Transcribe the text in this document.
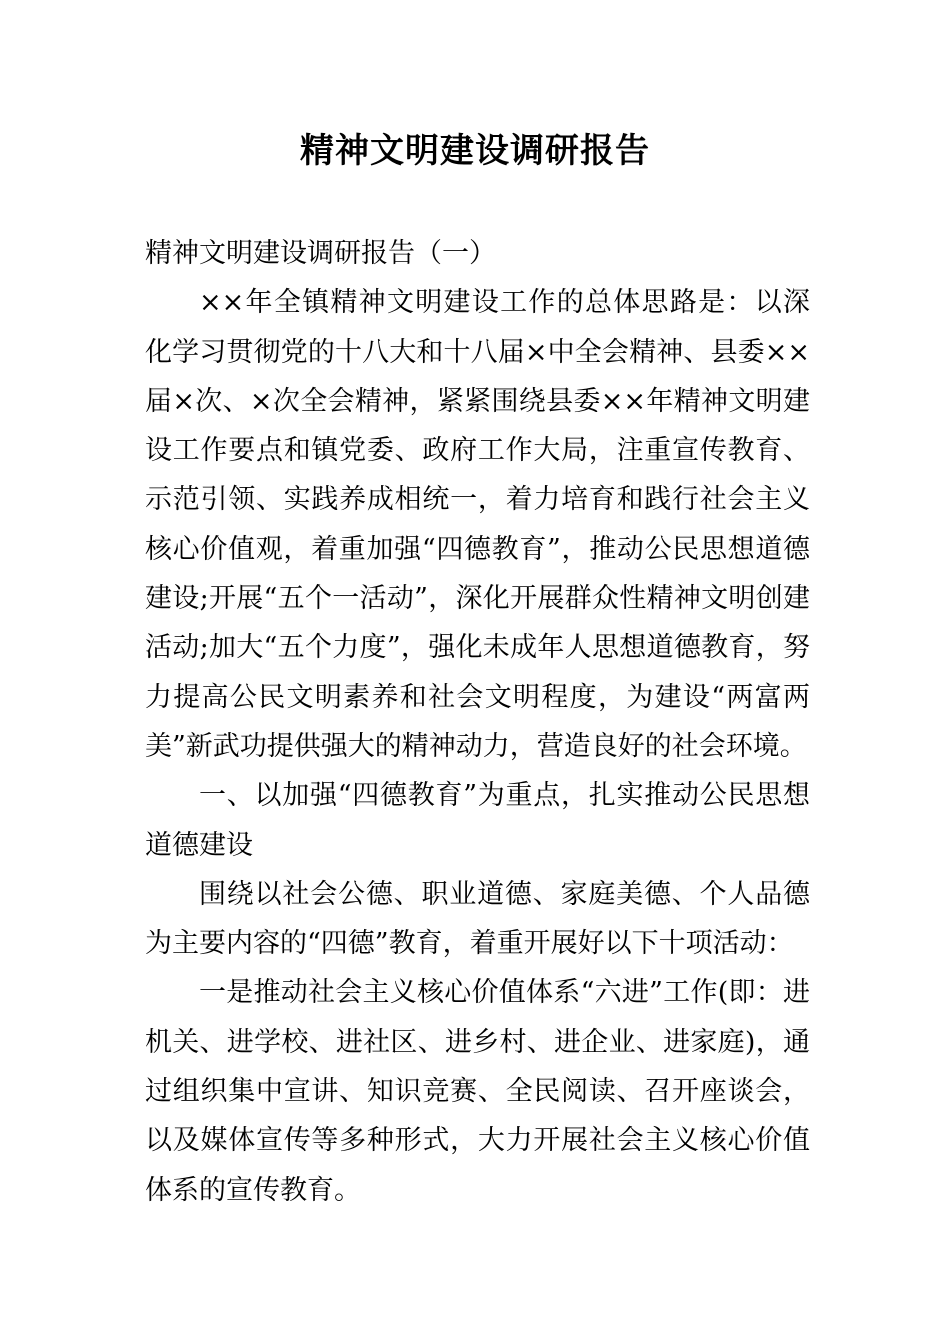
精神文明建设调研报告

精神文明建设调研报告（一）

××年全镇精神文明建设工作的总体思路是：以深化学习贯彻党的十八大和十八届×中全会精神、县委××届×次、×次全会精神，紧紧围绕县委××年精神文明建设工作要点和镇党委、政府工作大局，注重宣传教育、示范引领、实践养成相统一，着力培育和践行社会主义核心价值观，着重加强“四德教育”，推动公民思想道德建设;开展“五个一活动”，深化开展群众性精神文明创建活动;加大“五个力度”，强化未成年人思想道德教育，努力提高公民文明素养和社会文明程度，为建设“两富两美”新武功提供强大的精神动力，营造良好的社会环境。

一、以加强“四德教育”为重点，扎实推动公民思想道德建设

围绕以社会公德、职业道德、家庭美德、个人品德为主要内容的“四德”教育，着重开展好以下十项活动：

一是推动社会主义核心价值体系“六进”工作(即：进机关、进学校、进社区、进乡村、进企业、进家庭)，通过组织集中宣讲、知识竞赛、全民阅读、召开座谈会，以及媒体宣传等多种形式，大力开展社会主义核心价值体系的宣传教育。
